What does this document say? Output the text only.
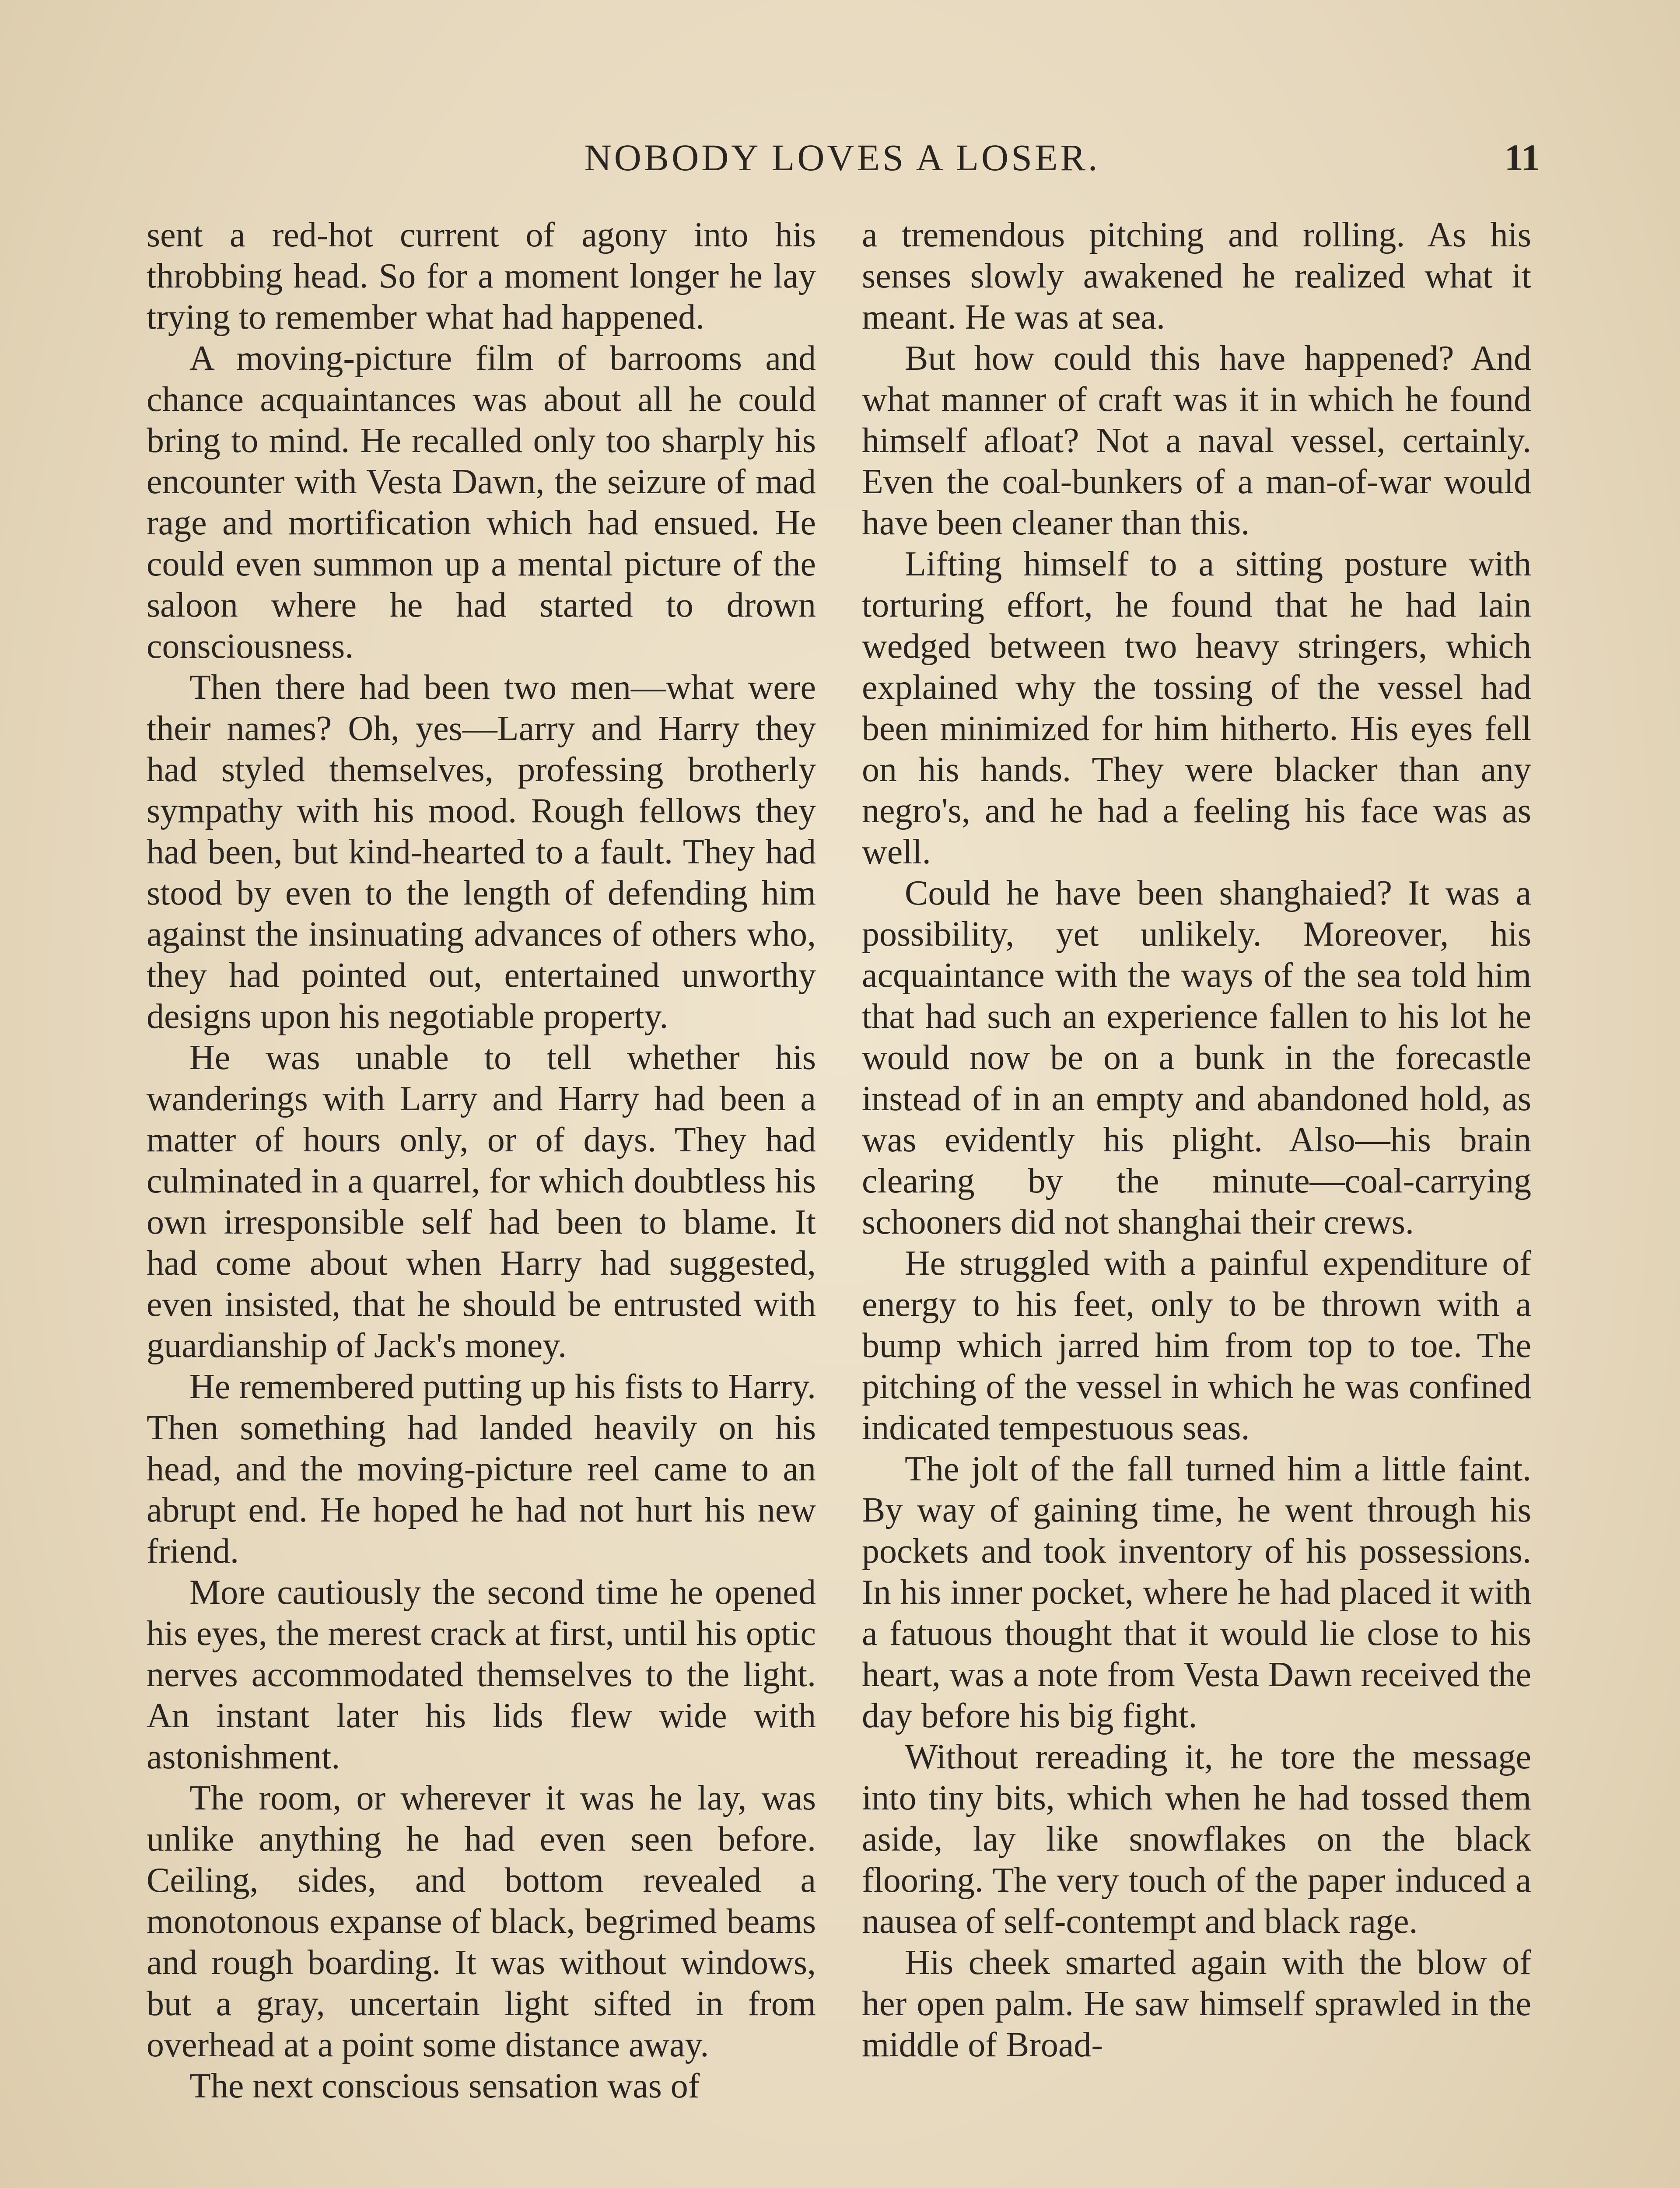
NOBODY LOVES A LOSER.	11

sent a red-hot current of agony into his throbbing head. So for a moment longer he lay trying to remember what had happened.

A moving-picture film of barrooms and chance acquaintances was about all he could bring to mind. He recalled only too sharply his encounter with Vesta Dawn, the seizure of mad rage and mortification which had ensued. He could even summon up a mental picture of the saloon where he had started to drown consciousness.

Then there had been two men—what were their names? Oh, yes—Larry and Harry they had styled themselves, professing brotherly sympathy with his mood. Rough fellows they had been, but kind-hearted to a fault. They had stood by even to the length of defending him against the insinuating advances of others who, they had pointed out, entertained unworthy designs upon his negotiable property.

He was unable to tell whether his wanderings with Larry and Harry had been a matter of hours only, or of days. They had culminated in a quarrel, for which doubtless his own irresponsible self had been to blame. It had come about when Harry had suggested, even insisted, that he should be entrusted with guardianship of Jack's money.

He remembered putting up his fists to Harry. Then something had landed heavily on his head, and the moving-picture reel came to an abrupt end. He hoped he had not hurt his new friend.

More cautiously the second time he opened his eyes, the merest crack at first, until his optic nerves accommodated themselves to the light. An instant later his lids flew wide with astonishment.

The room, or wherever it was he lay, was unlike anything he had even seen before. Ceiling, sides, and bottom revealed a monotonous expanse of black, begrimed beams and rough boarding. It was without windows, but a gray, uncertain light sifted in from overhead at a point some distance away.

The next conscious sensation was of

a tremendous pitching and rolling. As his senses slowly awakened he realized what it meant. He was at sea.

But how could this have happened? And what manner of craft was it in which he found himself afloat? Not a naval vessel, certainly. Even the coal-bunkers of a man-of-war would have been cleaner than this.

Lifting himself to a sitting posture with torturing effort, he found that he had lain wedged between two heavy stringers, which explained why the tossing of the vessel had been minimized for him hitherto. His eyes fell on his hands. They were blacker than any negro's, and he had a feeling his face was as well.

Could he have been shanghaied? It was a possibility, yet unlikely. Moreover, his acquaintance with the ways of the sea told him that had such an experience fallen to his lot he would now be on a bunk in the forecastle instead of in an empty and abandoned hold, as was evidently his plight. Also—his brain clearing by the minute—coal-carrying schooners did not shanghai their crews.

He struggled with a painful expenditure of energy to his feet, only to be thrown with a bump which jarred him from top to toe. The pitching of the vessel in which he was confined indicated tempestuous seas.

The jolt of the fall turned him a little faint. By way of gaining time, he went through his pockets and took inventory of his possessions. In his inner pocket, where he had placed it with a fatuous thought that it would lie close to his heart, was a note from Vesta Dawn received the day before his big fight.

Without rereading it, he tore the message into tiny bits, which when he had tossed them aside, lay like snowflakes on the black flooring. The very touch of the paper induced a nausea of self-contempt and black rage.

His cheek smarted again with the blow of her open palm. He saw himself sprawled in the middle of Broad-
